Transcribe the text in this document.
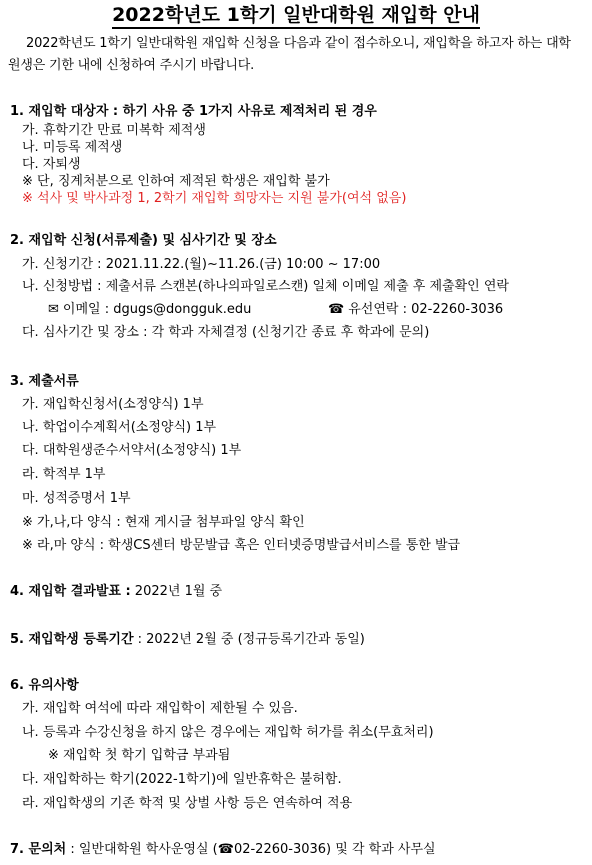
2022학년도 1학기 일반대학원 재입학 안내

2022학년도 1학기 일반대학원 재입학 신청을 다음과 같이 접수하오니, 재입학을 하고자 하는 대학원생은 기한 내에 신청하여 주시기 바랍니다.

1. 재입학 대상자 : 하기 사유 중 1가지 사유로 제적처리 된 경우

가. 휴학기간 만료 미복학 제적생

나. 미등록 제적생

다. 자퇴생

※ 단, 징계처분으로 인하여 제적된 학생은 재입학 불가

※ 석사 및 박사과정 1, 2학기 재입학 희망자는 지원 불가(여석 없음)

2. 재입학 신청(서류제출) 및 심사기간 및 장소

가. 신청기간 : 2021.11.22.(월)~11.26.(금) 10:00 ~ 17:00

나. 신청방법 : 제출서류 스캔본(하나의파일로스캔) 일체 이메일 제출 후 제출확인 연락

✉ 이메일 : dgugs@dongguk.edu	☎ 유선연락 : 02-2260-3036

다. 심사기간 및 장소 : 각 학과 자체결정 (신청기간 종료 후 학과에 문의)

3. 제출서류

가. 재입학신청서(소정양식) 1부

나. 학업이수계획서(소정양식) 1부

다. 대학원생준수서약서(소정양식) 1부

라. 학적부 1부

마. 성적증명서 1부

※ 가,나,다 양식 : 현재 게시글 첨부파일 양식 확인

※ 라,마 양식 : 학생CS센터 방문발급 혹은 인터넷증명발급서비스를 통한 발급

4. 재입학 결과발표 : 2022년 1월 중

5. 재입학생 등록기간 : 2022년 2월 중 (정규등록기간과 동일)

6. 유의사항

가. 재입학 여석에 따라 재입학이 제한될 수 있음.

나. 등록과 수강신청을 하지 않은 경우에는 재입학 허가를 취소(무효처리)

※ 재입학 첫 학기 입학금 부과됨

다. 재입학하는 학기(2022-1학기)에 일반휴학은 불허함.

라. 재입학생의 기존 학적 및 상벌 사항 등은 연속하여 적용

7. 문의처 : 일반대학원 학사운영실 (☎02-2260-3036) 및 각 학과 사무실
